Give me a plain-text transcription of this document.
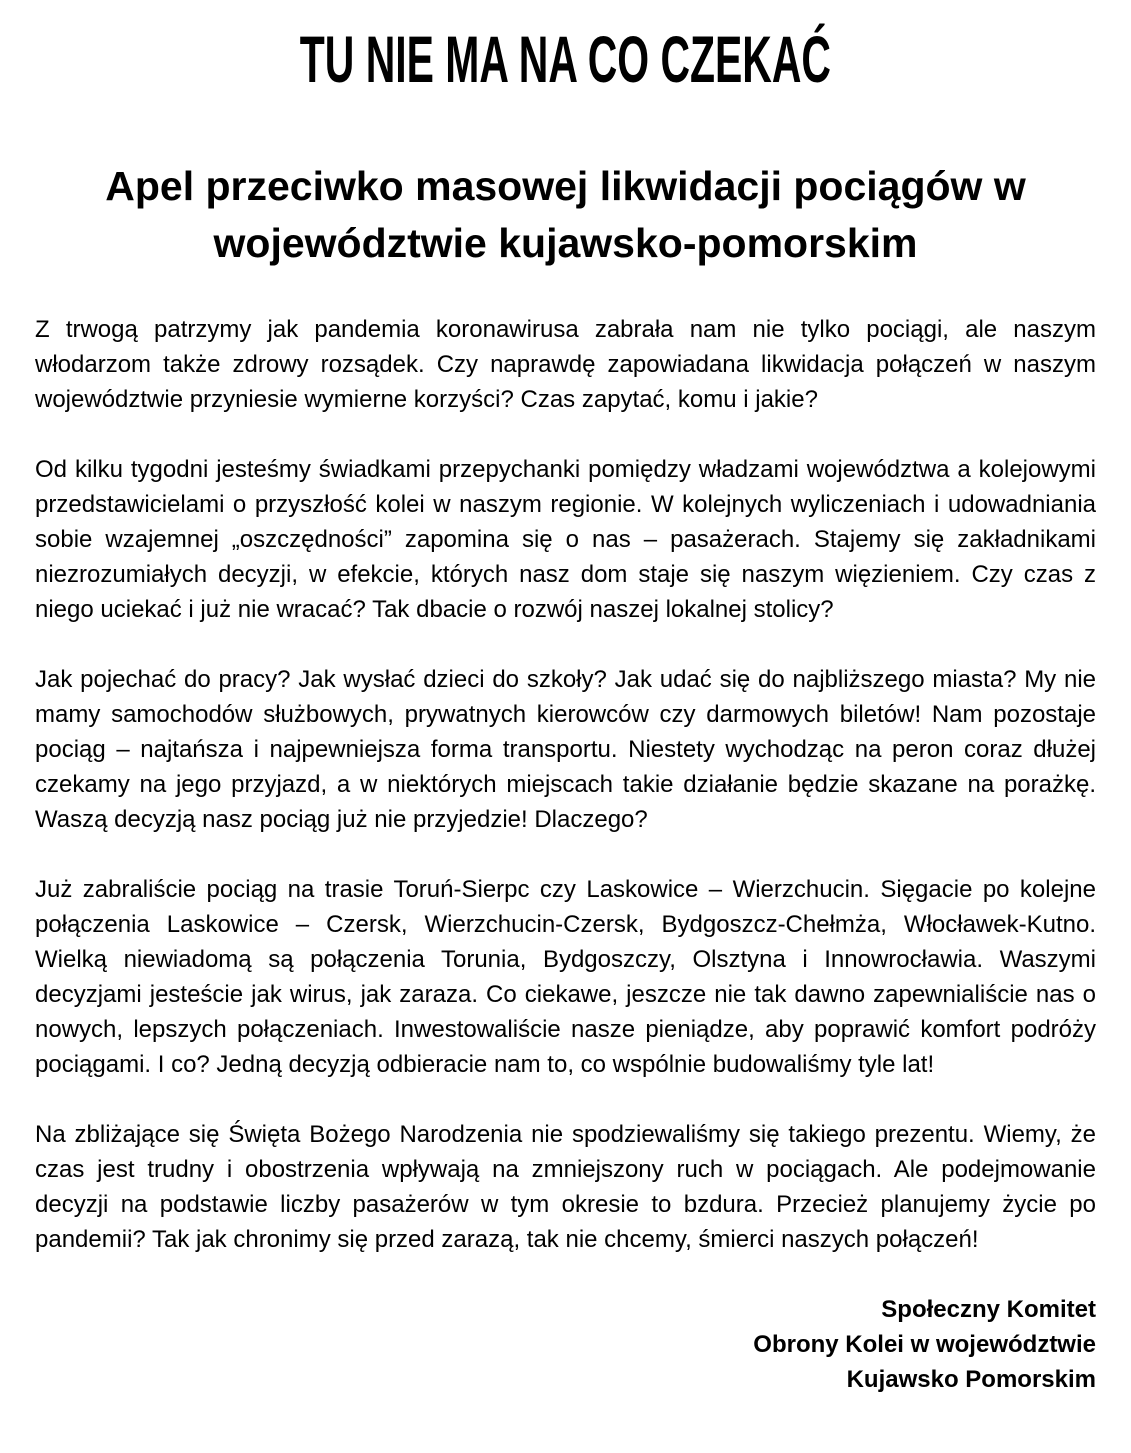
TU NIE MA NA CO CZEKAĆ
Apel przeciwko masowej likwidacji pociągów w województwie kujawsko-pomorskim

Z trwogą patrzymy jak pandemia koronawirusa zabrała nam nie tylko pociągi, ale naszym włodarzom także zdrowy rozsądek. Czy naprawdę zapowiadana likwidacja połączeń w naszym województwie przyniesie wymierne korzyści? Czas zapytać, komu i jakie?

Od kilku tygodni jesteśmy świadkami przepychanki pomiędzy władzami województwa a kolejowymi przedstawicielami o przyszłość kolei w naszym regionie. W kolejnych wyliczeniach i udowadniania sobie wzajemnej „oszczędności” zapomina się o nas – pasażerach. Stajemy się zakładnikami niezrozumiałych decyzji, w efekcie, których nasz dom staje się naszym więzieniem. Czy czas z niego uciekać i już nie wracać? Tak dbacie o rozwój naszej lokalnej stolicy?

Jak pojechać do pracy? Jak wysłać dzieci do szkoły? Jak udać się do najbliższego miasta? My nie mamy samochodów służbowych, prywatnych kierowców czy darmowych biletów! Nam pozostaje pociąg – najtańsza i najpewniejsza forma transportu. Niestety wychodząc na peron coraz dłużej czekamy na jego przyjazd, a w niektórych miejscach takie działanie będzie skazane na porażkę. Waszą decyzją nasz pociąg już nie przyjedzie! Dlaczego?

Już zabraliście pociąg na trasie Toruń-Sierpc czy Laskowice – Wierzchucin. Sięgacie po kolejne połączenia Laskowice – Czersk, Wierzchucin-Czersk, Bydgoszcz-Chełmża, Włocławek-Kutno. Wielką niewiadomą są połączenia Torunia, Bydgoszczy, Olsztyna i Innowrocławia. Waszymi decyzjami jesteście jak wirus, jak zaraza. Co ciekawe, jeszcze nie tak dawno zapewnialiście nas o nowych, lepszych połączeniach. Inwestowaliście nasze pieniądze, aby poprawić komfort podróży pociągami. I co? Jedną decyzją odbieracie nam to, co wspólnie budowaliśmy tyle lat!

Na zbliżające się Święta Bożego Narodzenia nie spodziewaliśmy się takiego prezentu. Wiemy, że czas jest trudny i obostrzenia wpływają na zmniejszony ruch w pociągach. Ale podejmowanie decyzji na podstawie liczby pasażerów w tym okresie to bzdura. Przecież planujemy życie po pandemii? Tak jak chronimy się przed zarazą, tak nie chcemy, śmierci naszych połączeń!

Społeczny Komitet
Obrony Kolei w województwie
Kujawsko Pomorskim
